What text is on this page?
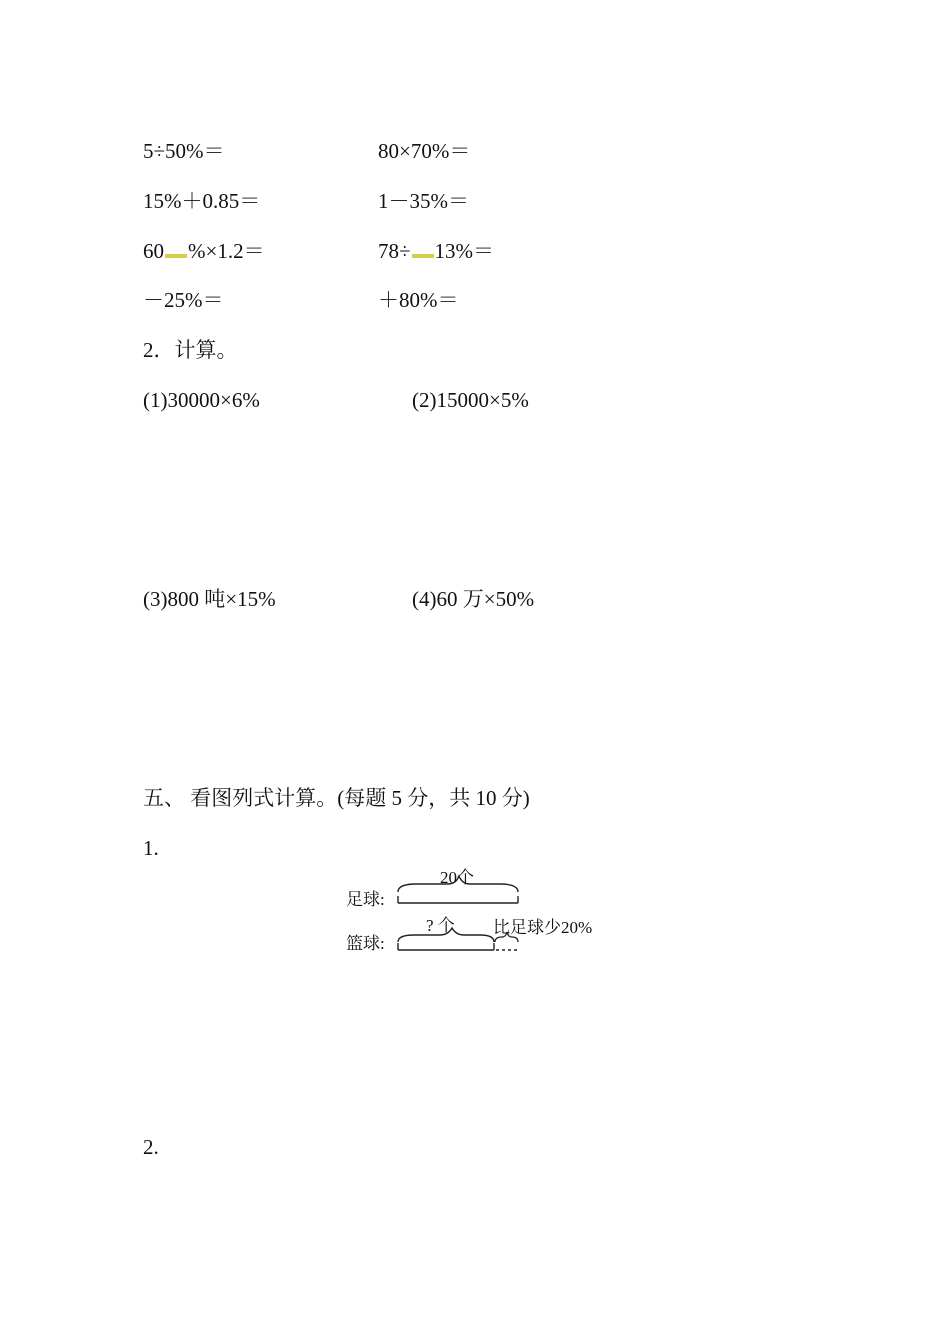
5÷50%＝	80×70%＝
15%＋0.85＝	1－35%＝
60 %×1.2＝	78÷ 13%＝
－25%＝	＋80%＝
2．计算。
(1)30000×6%	(2)15000×5%
(3)800 吨×15%	(4)60 万×50%
五、 看图列式计算。(每题 5 分，共 10 分)
1.
20个
足球:
? 个 比足球少20%
篮球:
2.
